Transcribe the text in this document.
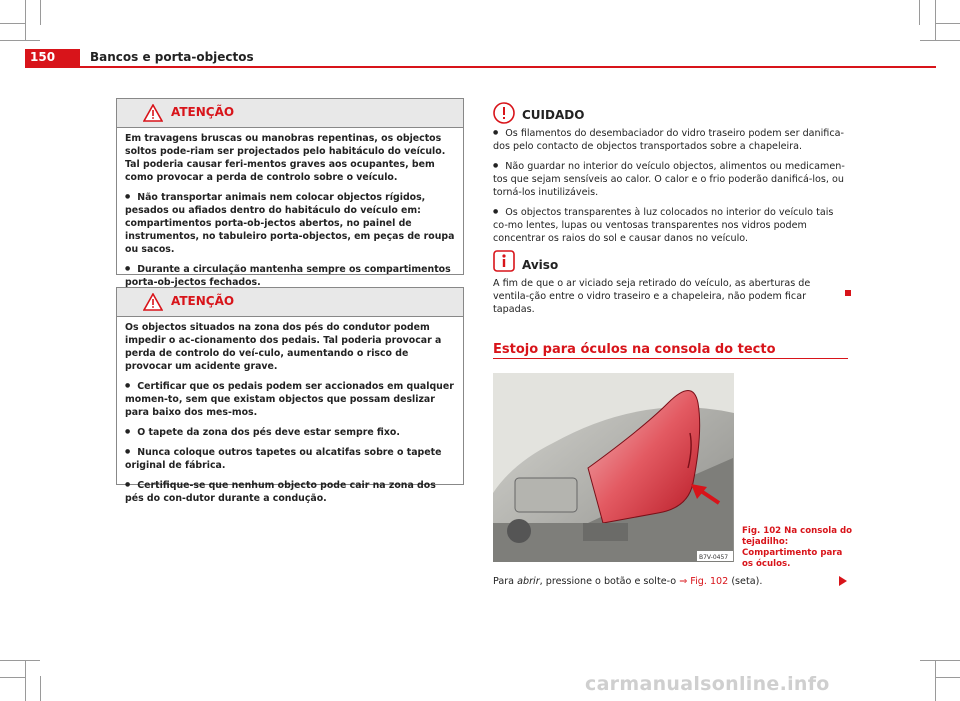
150	Bancos e porta-objectos
ATENÇÃO

Em travagens bruscas ou manobras repentinas, os objectos soltos pode-riam ser projectados pelo habitáculo do veículo. Tal poderia causar feri-mentos graves aos ocupantes, bem como provocar a perda de controlo sobre o veículo.

● Não transportar animais nem colocar objectos rígidos, pesados ou afiados dentro do habitáculo do veículo em: compartimentos porta-ob-jectos abertos, no painel de instrumentos, no tabuleiro porta-objectos, em peças de roupa ou sacos.

● Durante a circulação mantenha sempre os compartimentos porta-ob-jectos fechados.

ATENÇÃO

Os objectos situados na zona dos pés do condutor podem impedir o ac-cionamento dos pedais. Tal poderia provocar a perda de controlo do veí-culo, aumentando o risco de provocar um acidente grave.

● Certificar que os pedais podem ser accionados em qualquer momen-to, sem que existam objectos que possam deslizar para baixo dos mes-mos.

● O tapete da zona dos pés deve estar sempre fixo.

● Nunca coloque outros tapetes ou alcatifas sobre o tapete original de fábrica.

● Certifique-se que nenhum objecto pode cair na zona dos pés do con-dutor durante a condução.

CUIDADO

● Os filamentos do desembaciador do vidro traseiro podem ser danifica-dos pelo contacto de objectos transportados sobre a chapeleira.

● Não guardar no interior do veículo objectos, alimentos ou medicamen-tos que sejam sensíveis ao calor. O calor e o frio poderão danificá-los, ou torná-los inutilizáveis.

● Os objectos transparentes à luz colocados no interior do veículo tais co-mo lentes, lupas ou ventosas transparentes nos vidros podem concentrar os raios do sol e causar danos no veículo.

Aviso

A fim de que o ar viciado seja retirado do veículo, as aberturas de ventila-ção entre o vidro traseiro e a chapeleira, não podem ficar tapadas.

Estojo para óculos na consola do tecto
B7V-0457
Fig. 102 Na consola do tejadilho: Compartimento para os óculos.

Para abrir, pressione o botão e solte-o ⇒ Fig. 102 (seta).

carmanualsonline.info
